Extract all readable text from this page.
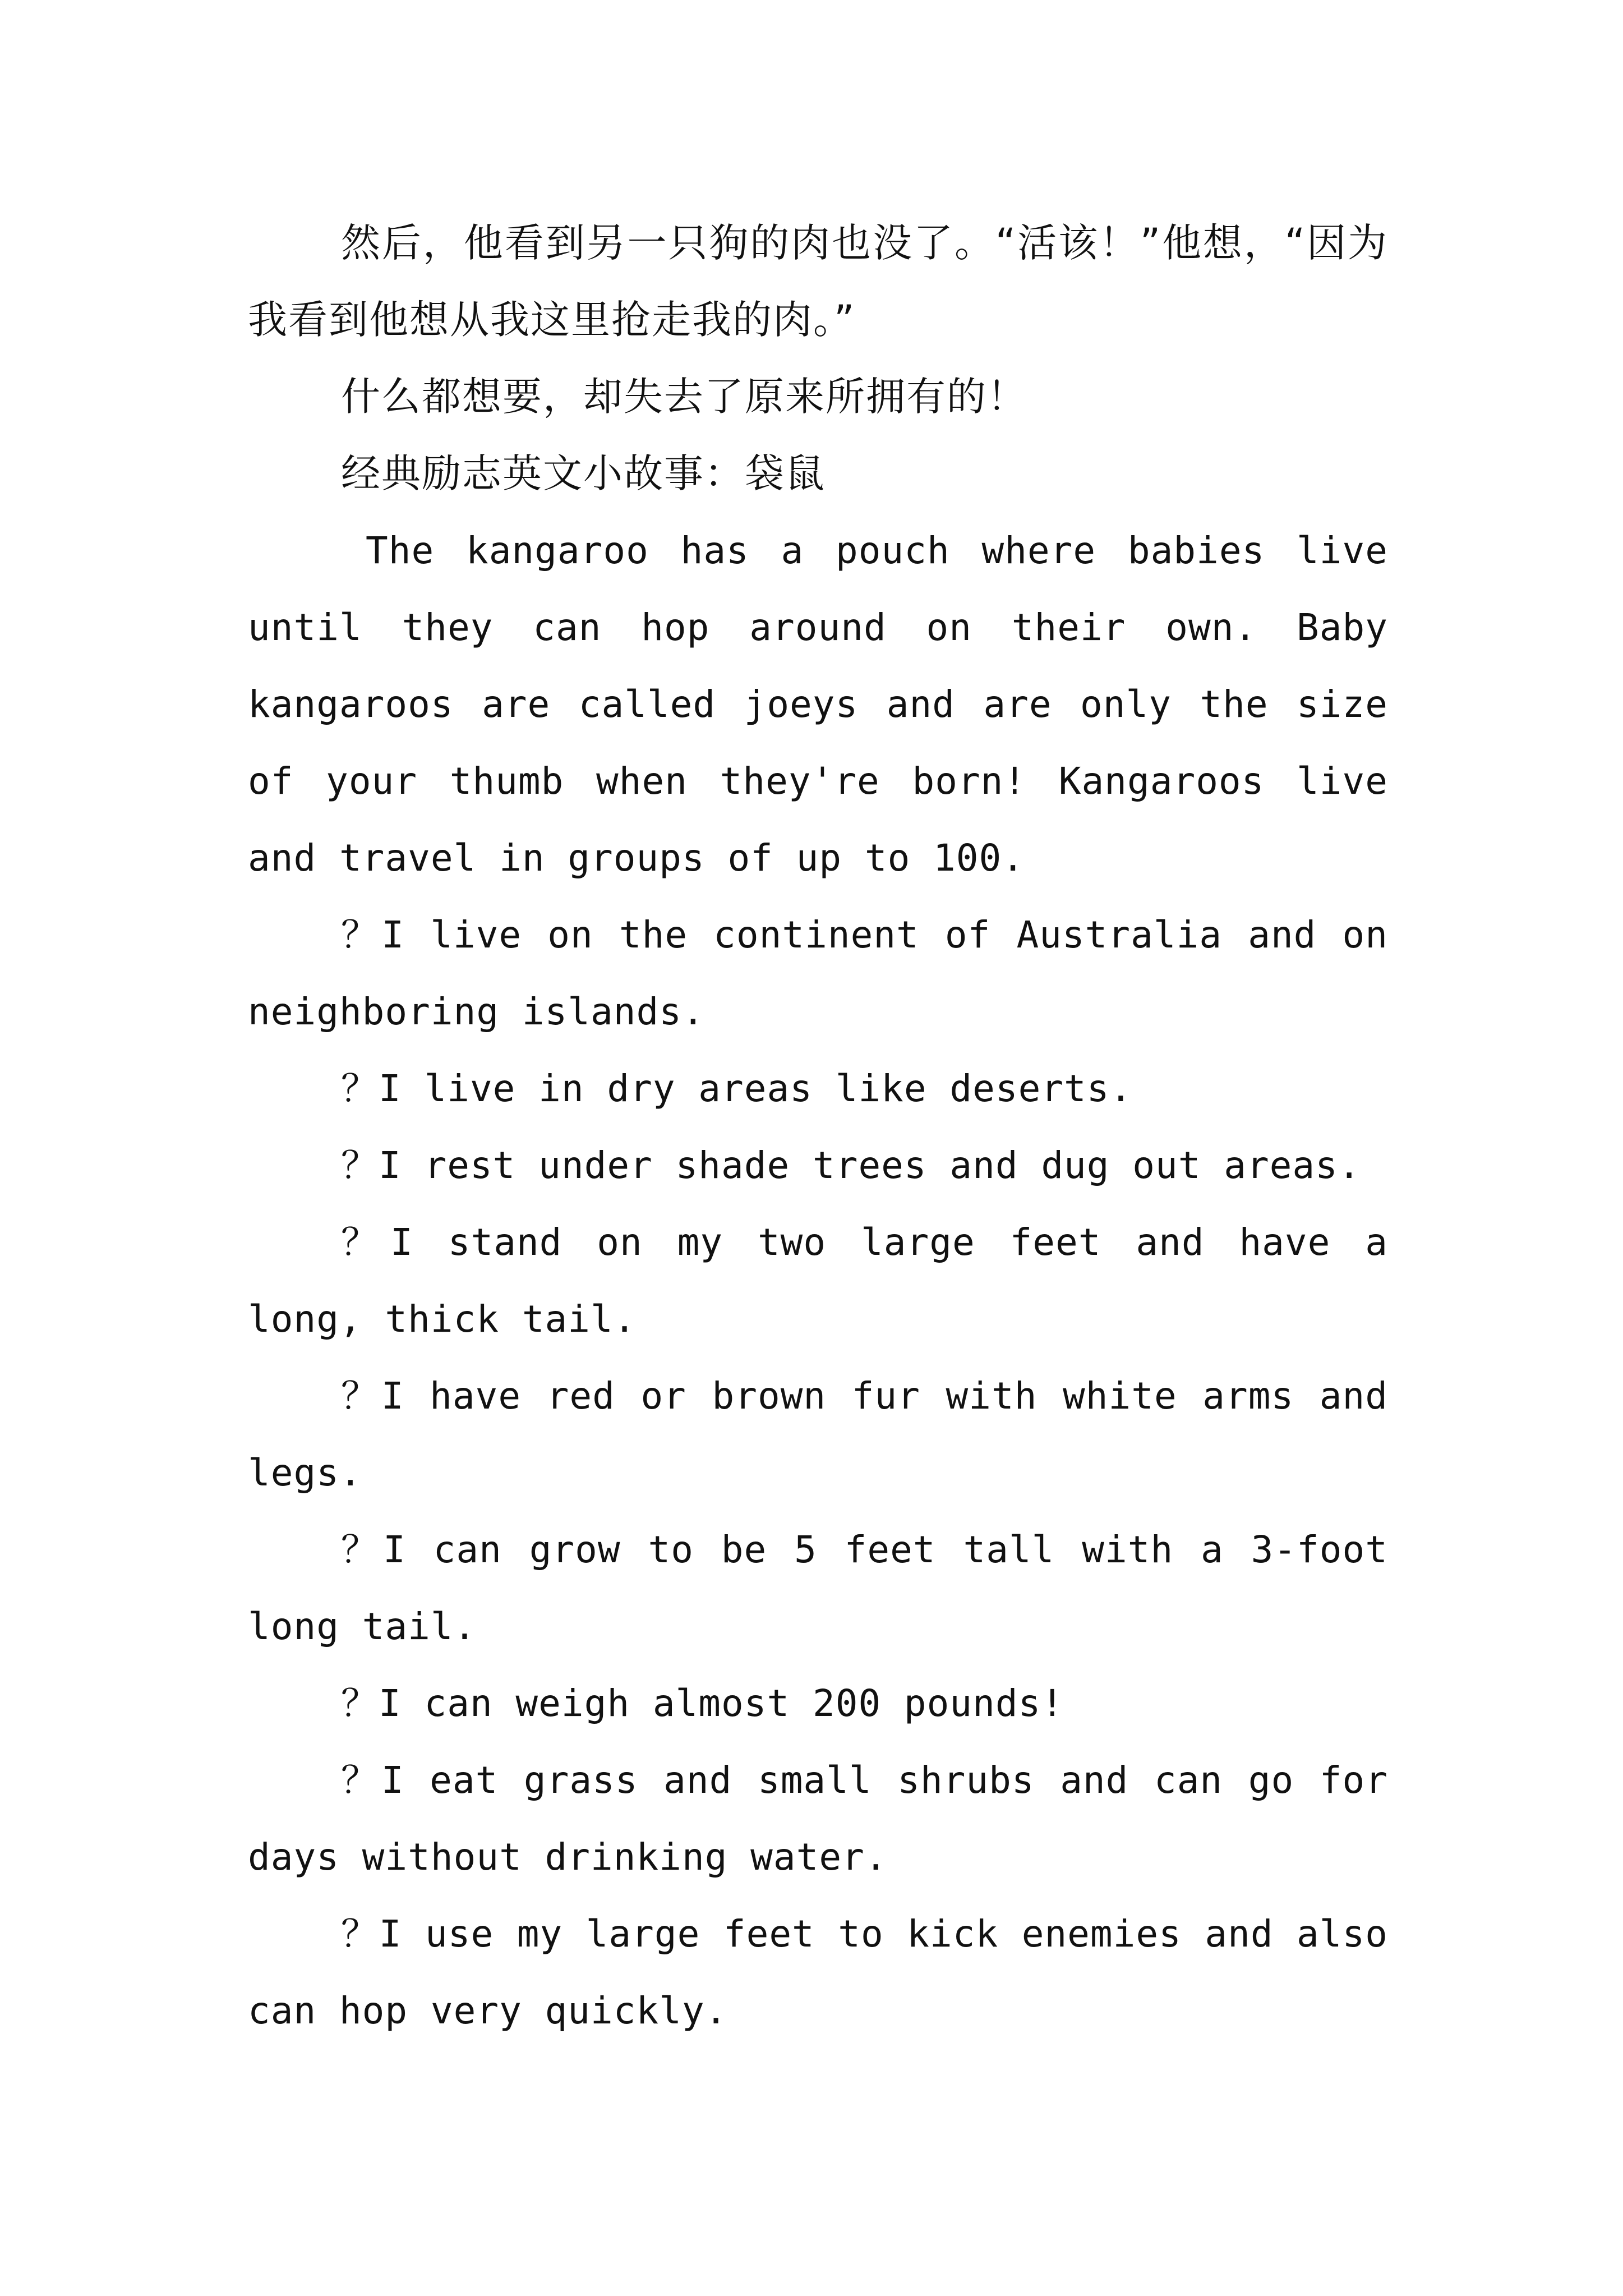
然后，他看到另一只狗的肉也没了。“活该！”他想，“因为我看到他想从我这里抢走我的肉。”

什么都想要，却失去了原来所拥有的！

经典励志英文小故事：袋鼠

The kangaroo has a pouch where babies live until they can hop around on their own. Baby kangaroos are called joeys and are only the size of your thumb when they're born! Kangaroos live and travel in groups of up to 100.

？I live on the continent of Australia and on neighboring islands.

？I live in dry areas like deserts.

？I rest under shade trees and dug out areas.

？I stand on my two large feet and have a long, thick tail.

？I have red or brown fur with white arms and legs.

？I can grow to be 5 feet tall with a 3-foot long tail.

？I can weigh almost 200 pounds!

？I eat grass and small shrubs and can go for days without drinking water.

？I use my large feet to kick enemies and also can hop very quickly.
